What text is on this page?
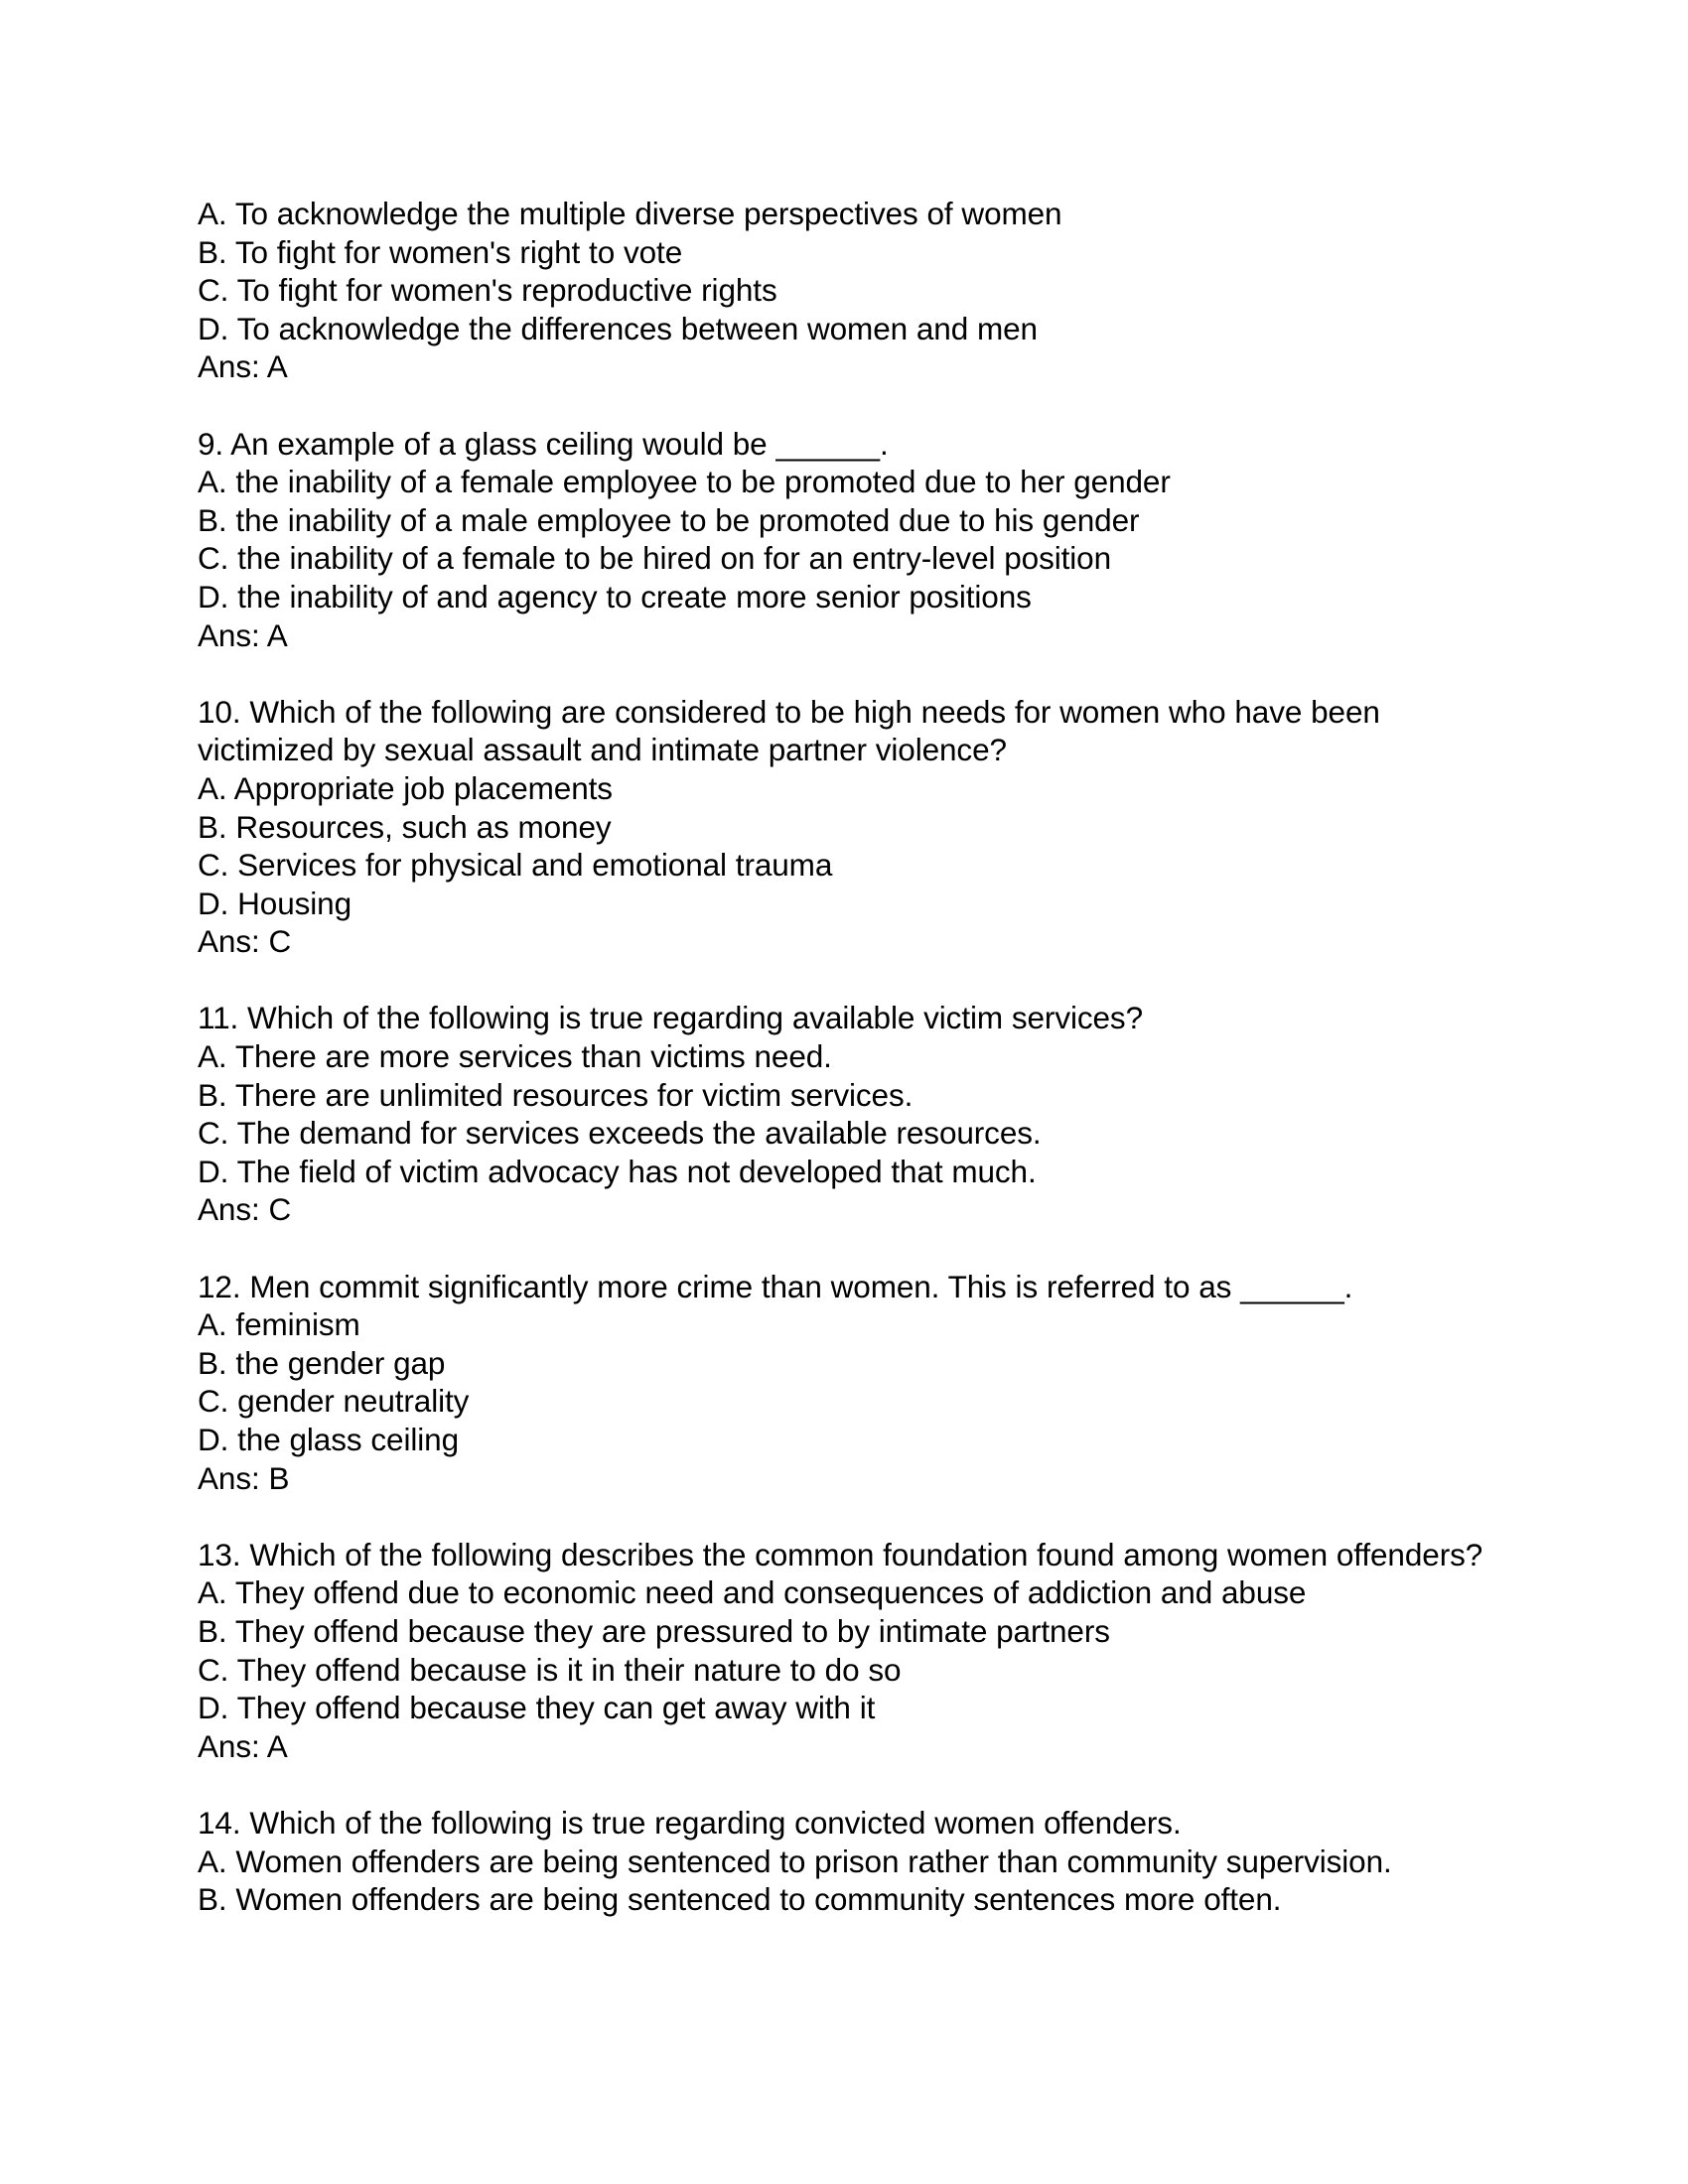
A. To acknowledge the multiple diverse perspectives of women
B. To fight for women's right to vote
C. To fight for women's reproductive rights
D. To acknowledge the differences between women and men
Ans: A
9. An example of a glass ceiling would be ______.
A. the inability of a female employee to be promoted due to her gender
B. the inability of a male employee to be promoted due to his gender
C. the inability of a female to be hired on for an entry-level position
D. the inability of and agency to create more senior positions
Ans: A
10. Which of the following are considered to be high needs for women who have been victimized by sexual assault and intimate partner violence?
A. Appropriate job placements
B. Resources, such as money
C. Services for physical and emotional trauma
D. Housing
Ans: C
11. Which of the following is true regarding available victim services?
A. There are more services than victims need.
B. There are unlimited resources for victim services.
C. The demand for services exceeds the available resources.
D. The field of victim advocacy has not developed that much.
Ans: C
12. Men commit significantly more crime than women. This is referred to as ______.
A. feminism
B. the gender gap
C. gender neutrality
D. the glass ceiling
Ans: B
13. Which of the following describes the common foundation found among women offenders?
A. They offend due to economic need and consequences of addiction and abuse
B. They offend because they are pressured to by intimate partners
C. They offend because is it in their nature to do so
D. They offend because they can get away with it
Ans: A
14. Which of the following is true regarding convicted women offenders.
A. Women offenders are being sentenced to prison rather than community supervision.
B. Women offenders are being sentenced to community sentences more often.
